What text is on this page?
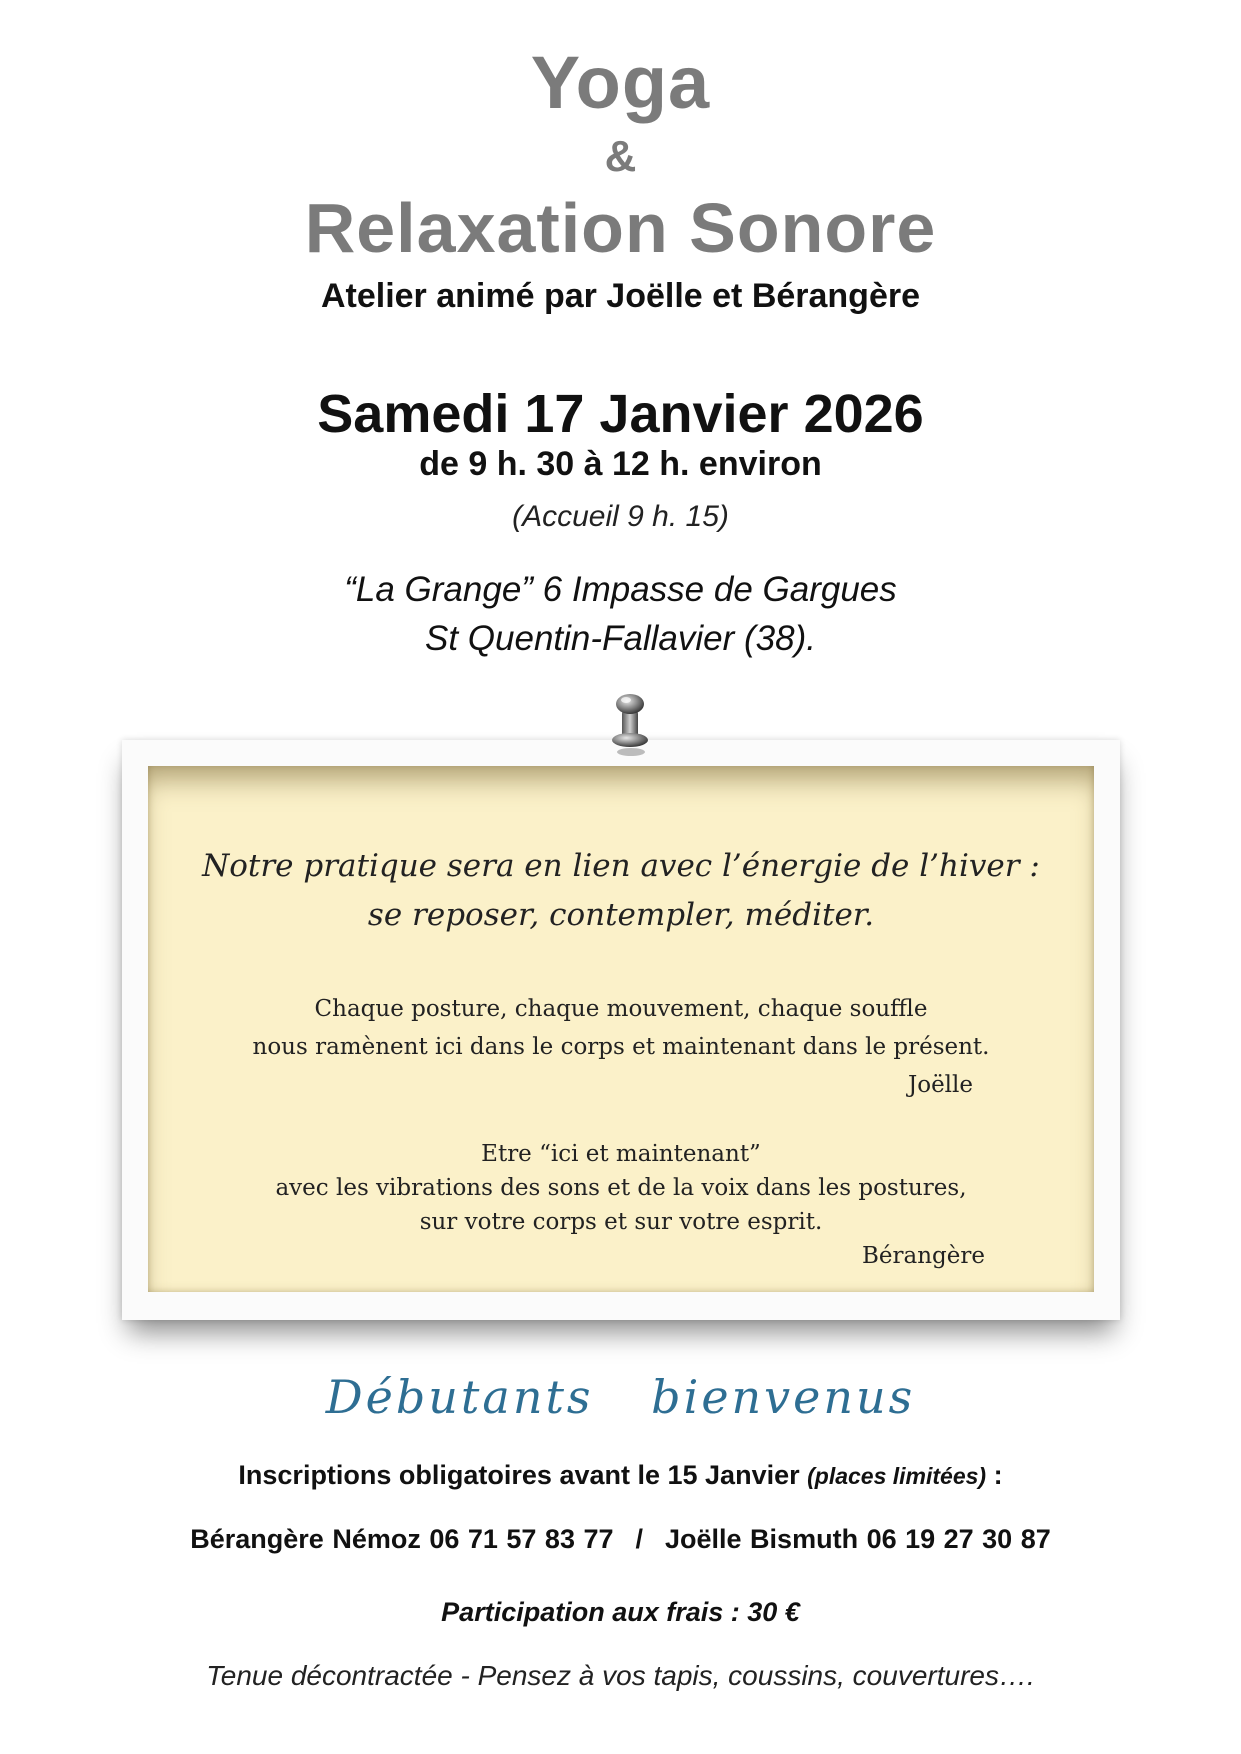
Yoga
&
Relaxation Sonore
Atelier animé par Joëlle et Bérangère
Samedi 17 Janvier 2026
de 9 h. 30 à 12 h. environ
(Accueil 9 h. 15)
“La Grange” 6 Impasse de Gargues
St Quentin-Fallavier (38).
Notre pratique sera en lien avec l’énergie de l’hiver :
se reposer, contempler, méditer.
Chaque posture, chaque mouvement, chaque souffle
nous ramènent ici dans le corps et maintenant dans le présent.
Joëlle
Etre “ici et maintenant”
avec les vibrations des sons et de la voix dans les postures,
sur votre corps et sur votre esprit.
Bérangère
Débutants bienvenus
Inscriptions obligatoires avant le 15 Janvier (places limitées) :
Bérangère Némoz 06 71 57 83 77 / Joëlle Bismuth 06 19 27 30 87
Participation aux frais : 30 €
Tenue décontractée - Pensez à vos tapis, coussins, couvertures….
